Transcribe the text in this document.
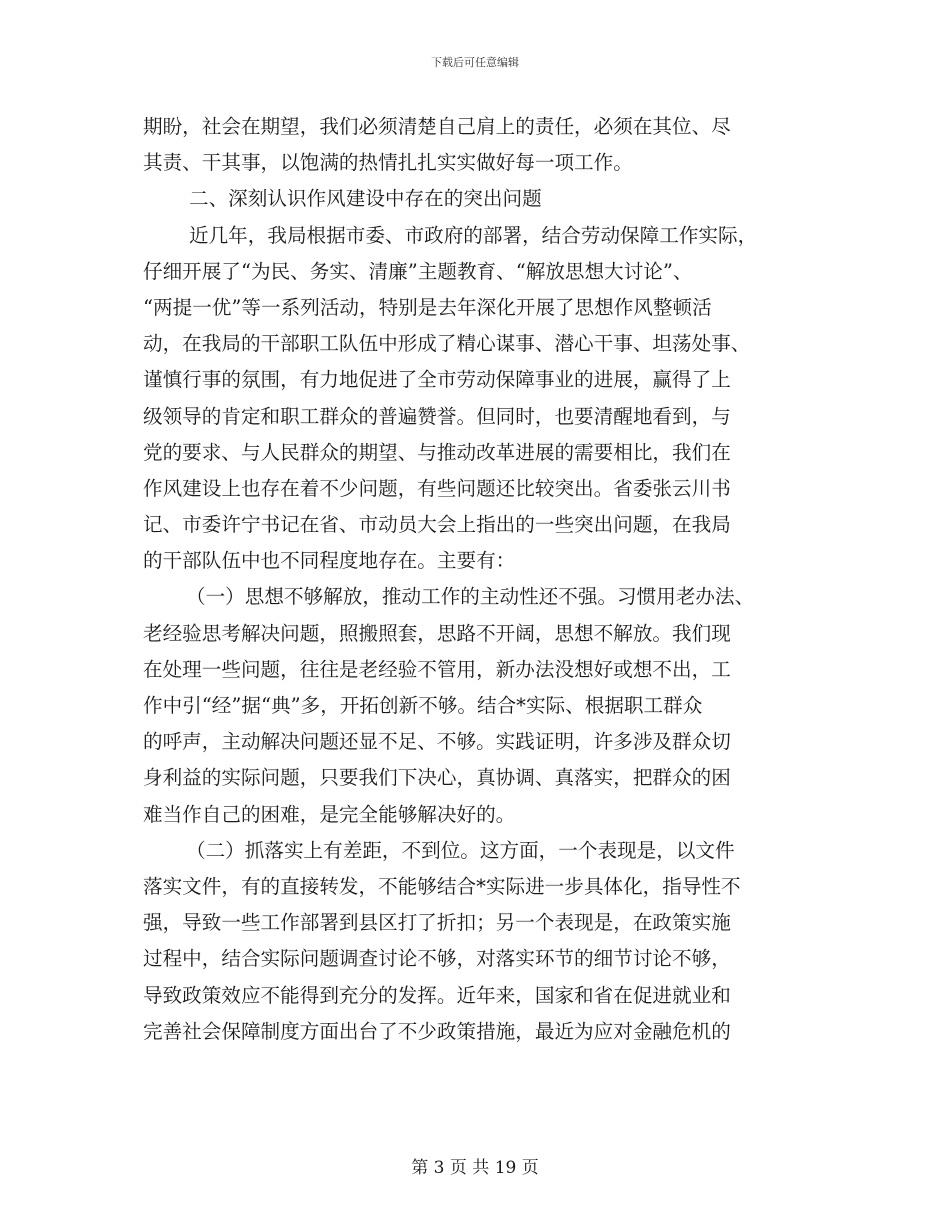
下载后可任意编辑
期盼，社会在期望，我们必须清楚自己肩上的责任，必须在其位、尽
其责、干其事，以饱满的热情扎扎实实做好每一项工作。
二、深刻认识作风建设中存在的突出问题
近几年，我局根据市委、市政府的部署，结合劳动保障工作实际，
仔细开展了“为民、务实、清廉”主题教育、“解放思想大讨论”、
“两提一优”等一系列活动，特别是去年深化开展了思想作风整顿活
动，在我局的干部职工队伍中形成了精心谋事、潜心干事、坦荡处事、
谨慎行事的氛围，有力地促进了全市劳动保障事业的进展，赢得了上
级领导的肯定和职工群众的普遍赞誉。但同时，也要清醒地看到，与
党的要求、与人民群众的期望、与推动改革进展的需要相比，我们在
作风建设上也存在着不少问题，有些问题还比较突出。省委张云川书
记、市委许宁书记在省、市动员大会上指出的一些突出问题，在我局
的干部队伍中也不同程度地存在。主要有：
（一）思想不够解放，推动工作的主动性还不强。习惯用老办法、
老经验思考解决问题，照搬照套，思路不开阔，思想不解放。我们现
在处理一些问题，往往是老经验不管用，新办法没想好或想不出，工
作中引“经”据“典”多，开拓创新不够。结合*实际、根据职工群众
的呼声，主动解决问题还显不足、不够。实践证明，许多涉及群众切
身利益的实际问题，只要我们下决心，真协调、真落实，把群众的困
难当作自己的困难，是完全能够解决好的。
（二）抓落实上有差距，不到位。这方面，一个表现是，以文件
落实文件，有的直接转发，不能够结合*实际进一步具体化，指导性不
强，导致一些工作部署到县区打了折扣；另一个表现是，在政策实施
过程中，结合实际问题调查讨论不够，对落实环节的细节讨论不够，
导致政策效应不能得到充分的发挥。近年来，国家和省在促进就业和
完善社会保障制度方面出台了不少政策措施，最近为应对金融危机的
第 3 页 共 19 页
